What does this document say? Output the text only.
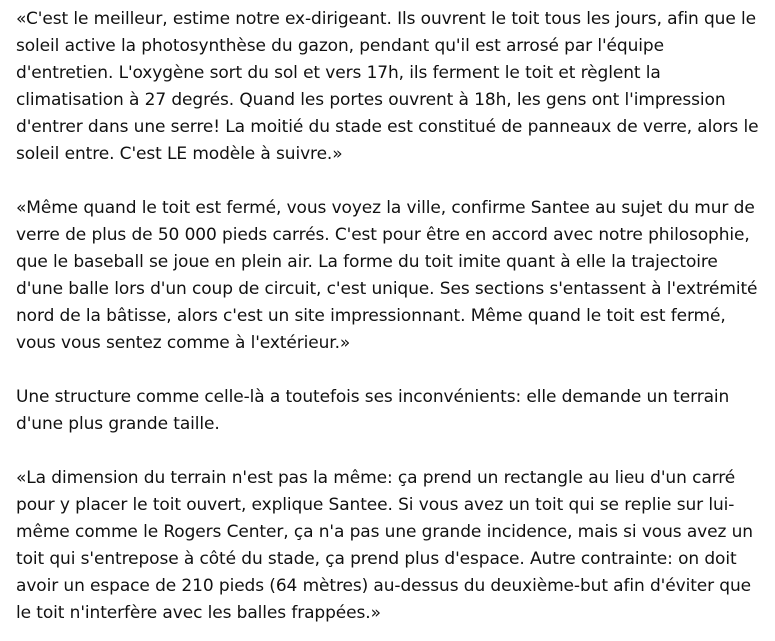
«C'est le meilleur, estime notre ex-dirigeant. Ils ouvrent le toit tous les jours, afin que le soleil active la photosynthèse du gazon, pendant qu'il est arrosé par l'équipe d'entretien. L'oxygène sort du sol et vers 17h, ils ferment le toit et règlent la climatisation à 27 degrés. Quand les portes ouvrent à 18h, les gens ont l'impression d'entrer dans une serre! La moitié du stade est constitué de panneaux de verre, alors le soleil entre. C'est LE modèle à suivre.»

«Même quand le toit est fermé, vous voyez la ville, confirme Santee au sujet du mur de verre de plus de 50 000 pieds carrés. C'est pour être en accord avec notre philosophie, que le baseball se joue en plein air. La forme du toit imite quant à elle la trajectoire d'une balle lors d'un coup de circuit, c'est unique. Ses sections s'entassent à l'extrémité nord de la bâtisse, alors c'est un site impressionnant. Même quand le toit est fermé, vous vous sentez comme à l'extérieur.»

Une structure comme celle-là a toutefois ses inconvénients: elle demande un terrain d'une plus grande taille.

«La dimension du terrain n'est pas la même: ça prend un rectangle au lieu d'un carré pour y placer le toit ouvert, explique Santee. Si vous avez un toit qui se replie sur lui-même comme le Rogers Center, ça n'a pas une grande incidence, mais si vous avez un toit qui s'entrepose à côté du stade, ça prend plus d'espace. Autre contrainte: on doit avoir un espace de 210 pieds (64 mètres) au-dessus du deuxième-but afin d'éviter que le toit n'interfère avec les balles frappées.»
